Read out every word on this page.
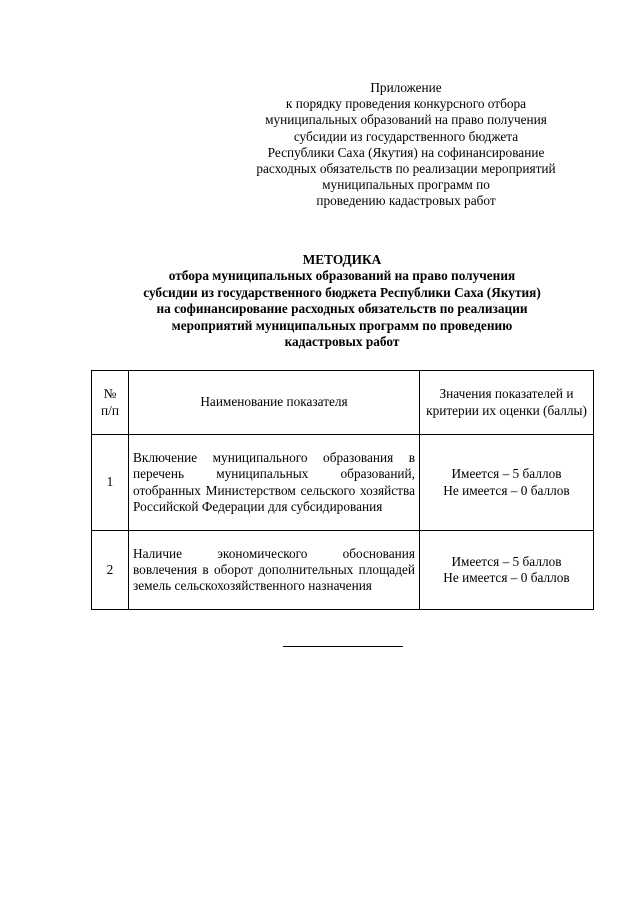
Приложение
к порядку проведения конкурсного отбора
муниципальных образований на право получения
субсидии из государственного бюджета
Республики Саха (Якутия) на софинансирование
расходных обязательств по реализации мероприятий
муниципальных программ по
проведению кадастровых работ
МЕТОДИКА
отбора муниципальных образований на право получения
субсидии из государственного бюджета Республики Саха (Якутия)
на софинансирование расходных обязательств по реализации
мероприятий муниципальных программ по проведению
кадастровых работ
№
п/п	Наименование показателя	Значения показателей и критерии их оценки (баллы)
1	Включение муниципального образования в перечень муниципальных образований, отобранных Министерством сельского хозяйства Российской Федерации для субсидирования	Имеется – 5 баллов
Не имеется – 0 баллов

2	Наличие экономического обоснования вовлечения в оборот дополнительных площадей земель сельскохозяйственного назначения	Имеется – 5 баллов
Не имеется – 0 баллов
